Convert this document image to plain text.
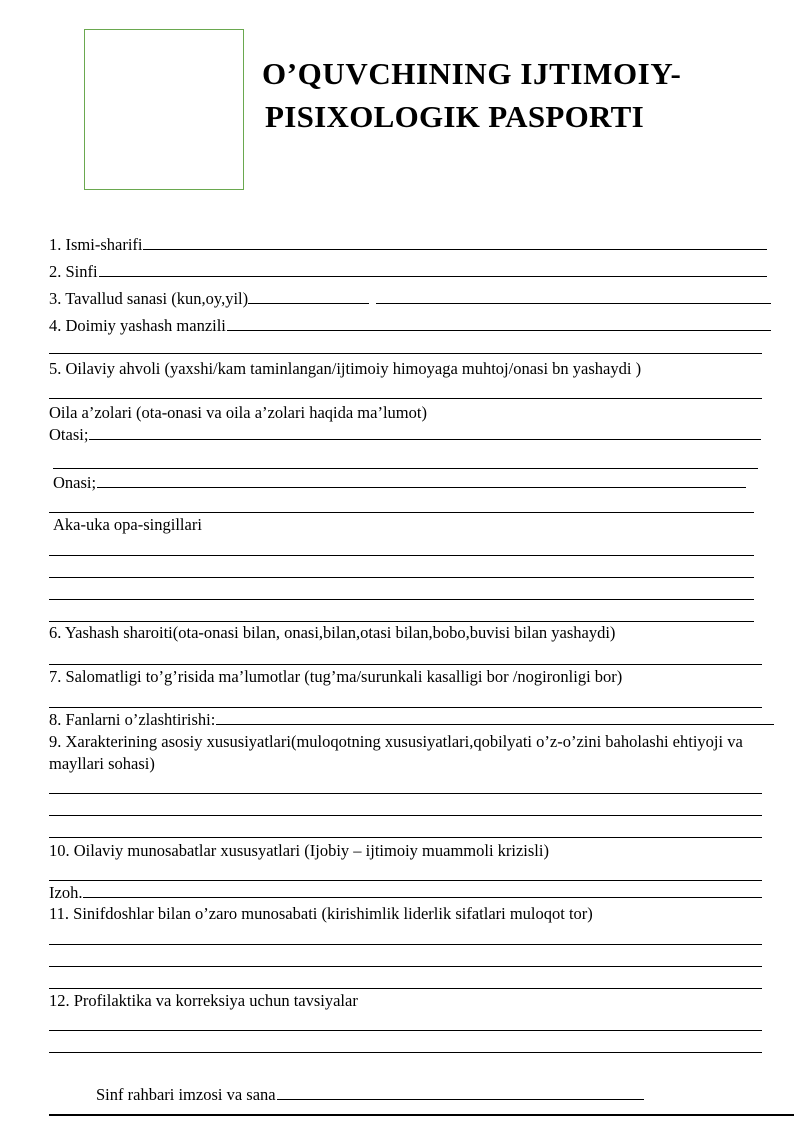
O’QUVCHINING IJTIMOIY-
PISIXOLOGIK PASPORTI
1. Ismi-sharifi
2. Sinfi
3. Tavallud sanasi (kun,oy,yil)
4. Doimiy yashash manzili
5. Oilaviy ahvoli (yaxshi/kam taminlangan/ijtimoiy himoyaga muhtoj/onasi bn yashaydi )
Oila a’zolari (ota-onasi va oila a’zolari haqida ma’lumot)
Otasi;
Onasi;
Aka-uka opa-singillari
6. Yashash sharoiti(ota-onasi bilan, onasi,bilan,otasi bilan,bobo,buvisi bilan yashaydi)
7. Salomatligi to’g’risida ma’lumotlar (tug’ma/surunkali kasalligi bor /nogironligi bor)
8. Fanlarni o’zlashtirishi:
9. Xarakterining asosiy xususiyatlari(muloqotning xususiyatlari,qobilyati o’z-o’zini baholashi ehtiyoji va mayllari sohasi)
10. Oilaviy munosabatlar xususyatlari (Ijobiy – ijtimoiy muammoli krizisli)
Izoh.
11. Sinifdoshlar bilan o’zaro munosabati (kirishimlik liderlik sifatlari muloqot tor)
12. Profilaktika va korreksiya uchun tavsiyalar
Sinf rahbari imzosi va sana
